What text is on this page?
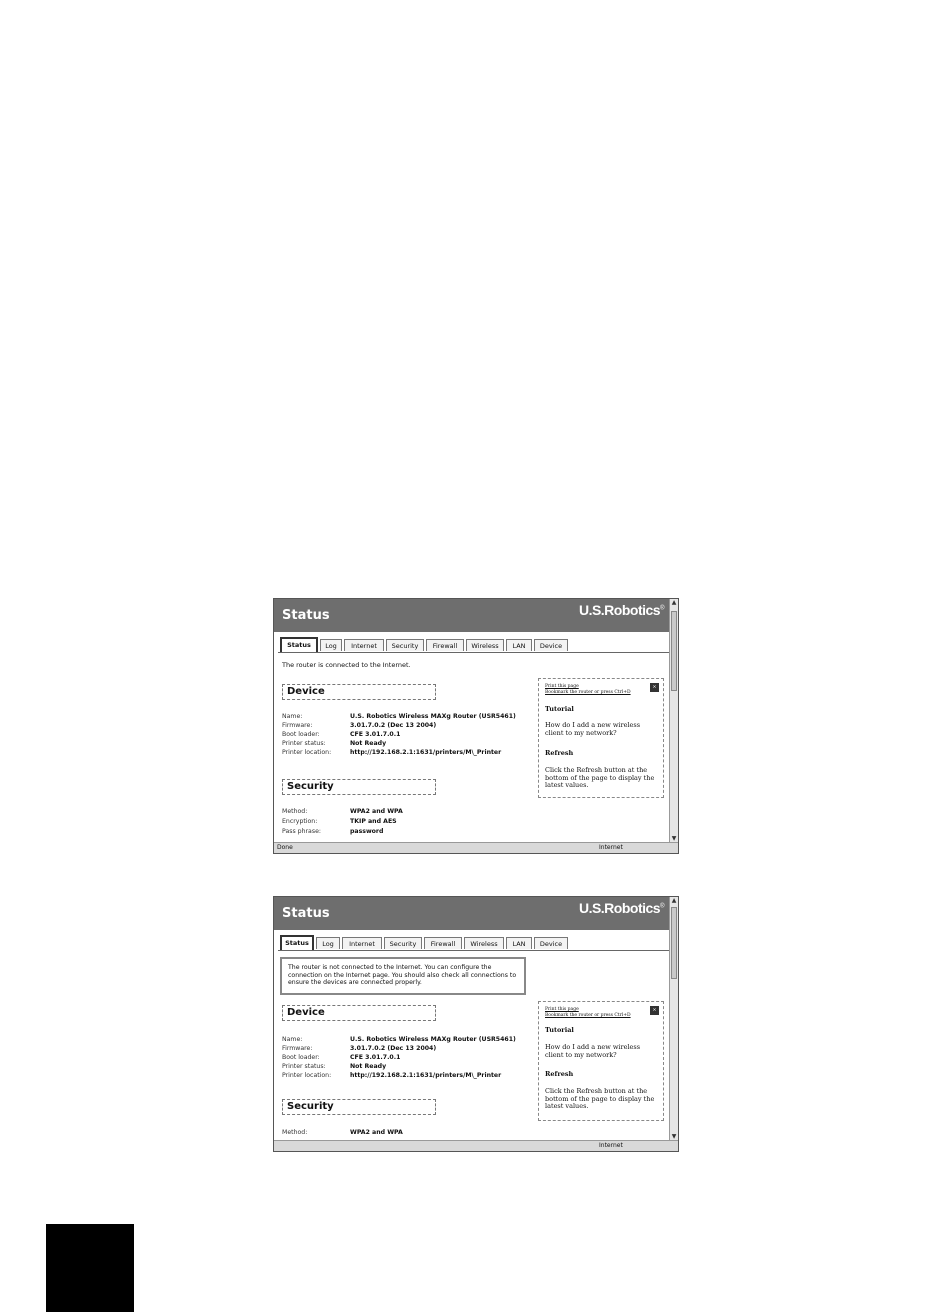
Status	U.S.Robotics®
Status	Log	Internet	Security	Firewall	Wireless	LAN	Device
The router is connected to the Internet.
Device
Name:	U.S. Robotics Wireless MAXg Router (USR5461)
Firmware:	3.01.7.0.2 (Dec 13 2004)
Boot loader:	CFE 3.01.7.0.1
Printer status:	Not Ready
Printer location:	http://192.168.2.1:1631/printers/M\_Printer
Security
Method:	WPA2 and WPA
Encryption:	TKIP and AES
Pass phrase:	password
Print this page
Bookmark the router or press Ctrl+D
×
Tutorial
How do I add a new wireless client to my network?
Refresh
Click the Refresh button at the bottom of the page to display the latest values.
▲
▼
Done	Internet
Status	U.S.Robotics®
Status	Log	Internet	Security	Firewall	Wireless	LAN	Device
The router is not connected to the Internet. You can configure the connection on the Internet page. You should also check all connections to ensure the devices are connected properly.
Device
Name:	U.S. Robotics Wireless MAXg Router (USR5461)
Firmware:	3.01.7.0.2 (Dec 13 2004)
Boot loader:	CFE 3.01.7.0.1
Printer status:	Not Ready
Printer location:	http://192.168.2.1:1631/printers/M\_Printer
Security
Method:	WPA2 and WPA
Print this page
Bookmark the router or press Ctrl+D
×
Tutorial
How do I add a new wireless client to my network?
Refresh
Click the Refresh button at the bottom of the page to display the latest values.
▲
▼
Internet
